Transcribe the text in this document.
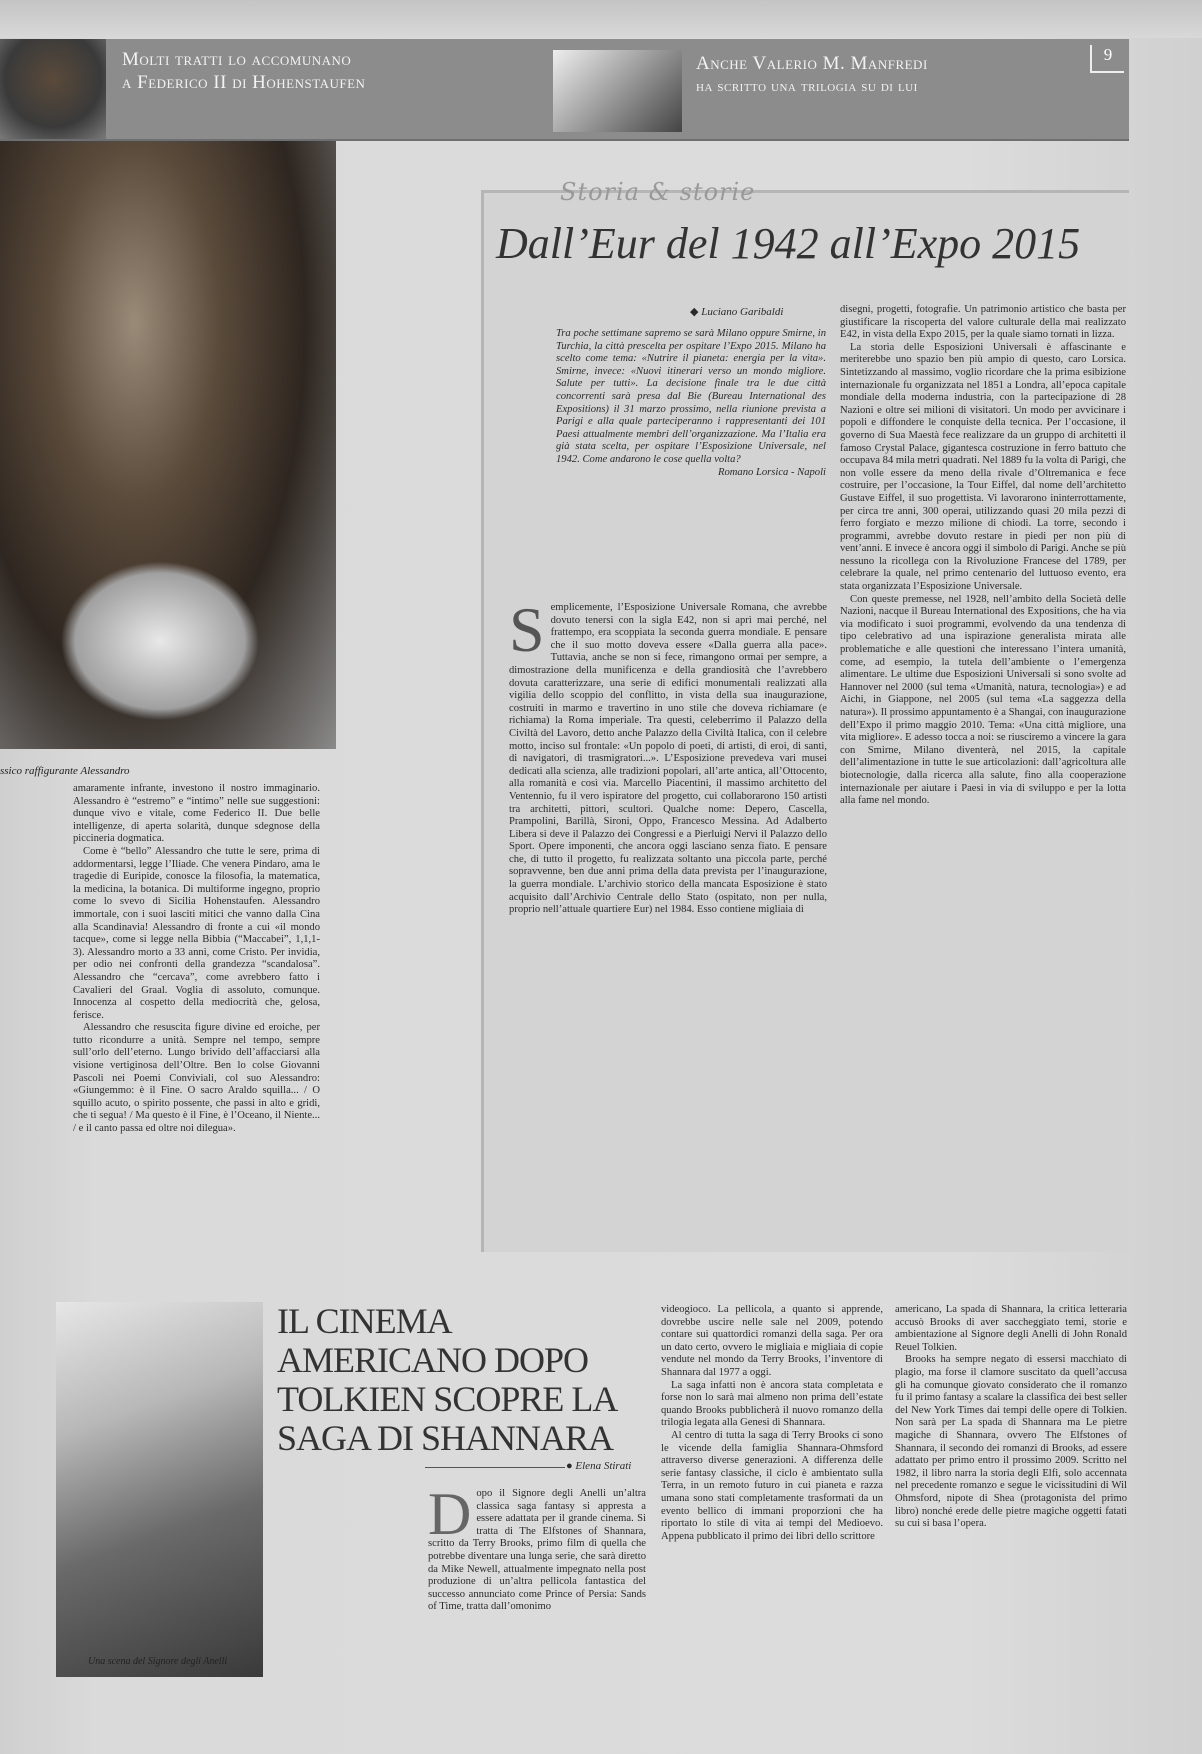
Molti tratti lo accomunano
a Federico II di Hohenstaufen
Anche Valerio M. Manfredi
ha scritto una trilogia su di lui
9
ssico raffigurante Alessandro

amaramente infrante, investono il nostro immaginario. Alessandro è “estremo” e “intimo” nelle sue suggestioni: dunque vivo e vitale, come Federico II. Due belle intelligenze, di aperta solarità, dunque sdegnose della piccineria dogmatica.

Come è “bello” Alessandro che tutte le sere, prima di addormentarsi, legge l’Iliade. Che venera Pindaro, ama le tragedie di Euripide, conosce la filosofia, la matematica, la medicina, la botanica. Di multiforme ingegno, proprio come lo svevo di Sicilia Hohenstaufen. Alessandro immortale, con i suoi lasciti mitici che vanno dalla Cina alla Scandinavia! Alessandro di fronte a cui «il mondo tacque», come si legge nella Bibbia (“Maccabei”, 1,1,1-3). Alessandro morto a 33 anni, come Cristo. Per invidia, per odio nei confronti della grandezza “scandalosa”. Alessandro che “cercava”, come avrebbero fatto i Cavalieri del Graal. Voglia di assoluto, comunque. Innocenza al cospetto della mediocrità che, gelosa, ferisce.

Alessandro che resuscita figure divine ed eroiche, per tutto ricondurre a unità. Sempre nel tempo, sempre sull’orlo dell’eterno. Lungo brivido dell’affacciarsi alla visione vertiginosa dell’Oltre. Ben lo colse Giovanni Pascoli nei Poemi Conviviali, col suo Alessandro: «Giungemmo: è il Fine. O sacro Araldo squilla... / O squillo acuto, o spirito possente, che passi in alto e gridi, che ti segua! / Ma questo è il Fine, è l’Oceano, il Niente... / e il canto passa ed oltre noi dilegua».

Storia & storie
Dall’Eur del 1942 all’Expo 2015
◆ Luciano Garibaldi

Tra poche settimane sapremo se sarà Milano oppure Smirne, in Turchia, la città prescelta per ospitare l’Expo 2015. Milano ha scelto come tema: «Nutrire il pianeta: energia per la vita». Smirne, invece: «Nuovi itinerari verso un mondo migliore. Salute per tutti». La decisione finale tra le due città concorrenti sarà presa dal Bie (Bureau International des Expositions) il 31 marzo prossimo, nella riunione prevista a Parigi e alla quale parteciperanno i rappresentanti dei 101 Paesi attualmente membri dell’organizzazione. Ma l’Italia era già stata scelta, per ospitare l’Esposizione Universale, nel 1942. Come andarono le cose quella volta?

Romano Lorsica - Napoli

S emplicemente, l’Esposizione Universale Romana, che avrebbe dovuto tenersi con la sigla E42, non si aprì mai perché, nel frattempo, era scoppiata la seconda guerra mondiale. E pensare che il suo motto doveva essere «Dalla guerra alla pace». Tuttavia, anche se non si fece, rimangono ormai per sempre, a dimostrazione della munificenza e della grandiosità che l’avrebbero dovuta caratterizzare, una serie di edifici monumentali realizzati alla vigilia dello scoppio del conflitto, in vista della sua inaugurazione, costruiti in marmo e travertino in uno stile che doveva richiamare (e richiama) la Roma imperiale. Tra questi, celeberrimo il Palazzo della Civiltà del Lavoro, detto anche Palazzo della Civiltà Italica, con il celebre motto, inciso sul frontale: «Un popolo di poeti, di artisti, di eroi, di santi, di navigatori, di trasmigratori...». L’Esposizione prevedeva vari musei dedicati alla scienza, alle tradizioni popolari, all’arte antica, all’Ottocento, alla romanità e così via. Marcello Piacentini, il massimo architetto del Ventennio, fu il vero ispiratore del progetto, cui collaborarono 150 artisti tra architetti, pittori, scultori. Qualche nome: Depero, Cascella, Prampolini, Barillà, Sironi, Oppo, Francesco Messina. Ad Adalberto Libera si deve il Palazzo dei Congressi e a Pierluigi Nervi il Palazzo dello Sport. Opere imponenti, che ancora oggi lasciano senza fiato. E pensare che, di tutto il progetto, fu realizzata soltanto una piccola parte, perché sopravvenne, ben due anni prima della data prevista per l’inaugurazione, la guerra mondiale. L’archivio storico della mancata Esposizione è stato acquisito dall’Archivio Centrale dello Stato (ospitato, non per nulla, proprio nell’attuale quartiere Eur) nel 1984. Esso contiene migliaia di

disegni, progetti, fotografie. Un patrimonio artistico che basta per giustificare la riscoperta del valore culturale della mai realizzato E42, in vista della Expo 2015, per la quale siamo tornati in lizza.

La storia delle Esposizioni Universali è affascinante e meriterebbe uno spazio ben più ampio di questo, caro Lorsica. Sintetizzando al massimo, voglio ricordare che la prima esibizione internazionale fu organizzata nel 1851 a Londra, all’epoca capitale mondiale della moderna industria, con la partecipazione di 28 Nazioni e oltre sei milioni di visitatori. Un modo per avvicinare i popoli e diffondere le conquiste della tecnica. Per l’occasione, il governo di Sua Maestà fece realizzare da un gruppo di architetti il famoso Crystal Palace, gigantesca costruzione in ferro battuto che occupava 84 mila metri quadrati. Nel 1889 fu la volta di Parigi, che non volle essere da meno della rivale d’Oltremanica e fece costruire, per l’occasione, la Tour Eiffel, dal nome dell’architetto Gustave Eiffel, il suo progettista. Vi lavorarono ininterrottamente, per circa tre anni, 300 operai, utilizzando quasi 20 mila pezzi di ferro forgiato e mezzo milione di chiodi. La torre, secondo i programmi, avrebbe dovuto restare in piedi per non più di vent’anni. E invece è ancora oggi il simbolo di Parigi. Anche se più nessuno la ricollega con la Rivoluzione Francese del 1789, per celebrare la quale, nel primo centenario del luttuoso evento, era stata organizzata l’Esposizione Universale.

Con queste premesse, nel 1928, nell’ambito della Società delle Nazioni, nacque il Bureau International des Expositions, che ha via via modificato i suoi programmi, evolvendo da una tendenza di tipo celebrativo ad una ispirazione generalista mirata alle problematiche e alle questioni che interessano l’intera umanità, come, ad esempio, la tutela dell’ambiente o l’emergenza alimentare. Le ultime due Esposizioni Universali si sono svolte ad Hannover nel 2000 (sul tema «Umanità, natura, tecnologia») e ad Aichi, in Giappone, nel 2005 (sul tema «La saggezza della natura»). Il prossimo appuntamento è a Shangai, con inaugurazione dell’Expo il primo maggio 2010. Tema: «Una città migliore, una vita migliore». E adesso tocca a noi: se riusciremo a vincere la gara con Smirne, Milano diventerà, nel 2015, la capitale dell’alimentazione in tutte le sue articolazioni: dall’agricoltura alle biotecnologie, dalla ricerca alla salute, fino alla cooperazione internazionale per aiutare i Paesi in via di sviluppo e per la lotta alla fame nel mondo.

Una scena del Signore degli Anelli
IL CINEMA AMERICANO DOPO TOLKIEN SCOPRE LA SAGA DI SHANNARA
● Elena Stirati
D opo il Signore degli Anelli un’altra classica saga fantasy si appresta a essere adattata per il grande cinema. Si tratta di The Elfstones of Shannara, scritto da Terry Brooks, primo film di quella che potrebbe diventare una lunga serie, che sarà diretto da Mike Newell, attualmente impegnato nella post produzione di un’altra pellicola fantastica del successo annunciato come Prince of Persia: Sands of Time, tratta dall’omonimo

videogioco. La pellicola, a quanto si apprende, dovrebbe uscire nelle sale nel 2009, potendo contare sui quattordici romanzi della saga. Per ora un dato certo, ovvero le migliaia e migliaia di copie vendute nel mondo da Terry Brooks, l’inventore di Shannara dal 1977 a oggi.

La saga infatti non è ancora stata completata e forse non lo sarà mai almeno non prima dell’estate quando Brooks pubblicherà il nuovo romanzo della trilogia legata alla Genesi di Shannara.

Al centro di tutta la saga di Terry Brooks ci sono le vicende della famiglia Shannara-Ohmsford attraverso diverse generazioni. A differenza delle serie fantasy classiche, il ciclo è ambientato sulla Terra, in un remoto futuro in cui pianeta e razza umana sono stati completamente trasformati da un evento bellico di immani proporzioni che ha riportato lo stile di vita ai tempi del Medioevo. Appena pubblicato il primo dei libri dello scrittore

americano, La spada di Shannara, la critica letteraria accusò Brooks di aver saccheggiato temi, storie e ambientazione al Signore degli Anelli di John Ronald Reuel Tolkien.

Brooks ha sempre negato di essersi macchiato di plagio, ma forse il clamore suscitato da quell’accusa gli ha comunque giovato considerato che il romanzo fu il primo fantasy a scalare la classifica dei best seller del New York Times dai tempi delle opere di Tolkien. Non sarà per La spada di Shannara ma Le pietre magiche di Shannara, ovvero The Elfstones of Shannara, il secondo dei romanzi di Brooks, ad essere adattato per primo entro il prossimo 2009. Scritto nel 1982, il libro narra la storia degli Elfi, solo accennata nel precedente romanzo e segue le vicissitudini di Wil Ohmsford, nipote di Shea (protagonista del primo libro) nonché erede delle pietre magiche oggetti fatati su cui si basa l’opera.
